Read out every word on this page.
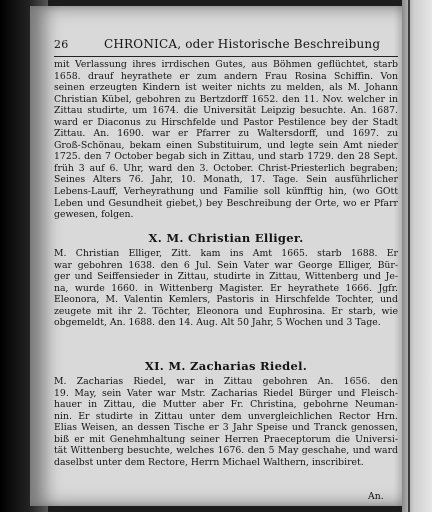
26	CHRONICA, oder Historische Beschreibung
mit Verlassung ihres irrdischen Gutes, aus Böhmen geflüchtet, starb
1658. drauf heyrathete er zum andern Frau Rosina Schiffin. Von
seinen erzeugten Kindern ist weiter nichts zu melden, als M. Johann
Christian Kübel, gebohren zu Bertzdorff 1652. den 11. Nov. welcher in
Zittau studirte, um 1674. die Universität Leipzig besuchte. An. 1687.
ward er Diaconus zu Hirschfelde und Pastor Pestilence bey der Stadt
Zittau. An. 1690. war er Pfarrer zu Waltersdorff, und 1697. zu
Groß-Schönau, bekam einen Substituirum, und legte sein Amt nieder
1725. den 7 October begab sich in Zittau, und starb 1729. den 28 Sept.
früh 3 auf 6. Uhr, ward den 3. October. Christ-Priesterlich begraben;
Seines Alters 76. Jahr, 10. Monath, 17. Tage. Sein ausführlicher
Lebens-Lauff, Verheyrathung und Familie soll künfftig hin, (wo GOtt
Leben und Gesundheit giebet,) bey Beschreibung der Orte, wo er Pfarr
gewesen, folgen.
X. M. Christian Elliger.
M. Christian Elliger, Zitt. kam ins Amt 1665. starb 1688. Er
war gebohren 1638. den 6 Jul. Sein Vater war George Elliger, Bür-
ger und Seiffensieder in Zittau, studirte in Zittau, Wittenberg und Je-
na, wurde 1660. in Wittenberg Magister. Er heyrathete 1666. Jgfr.
Eleonora, M. Valentin Kemlers, Pastoris in Hirschfelde Tochter, und
zeugete mit ihr 2. Töchter, Eleonora und Euphrosina. Er starb, wie
obgemeldt, An. 1688. den 14. Aug. Alt 50 Jahr, 5 Wochen und 3 Tage.
XI. M. Zacharias Riedel.
M. Zacharias Riedel, war in Zittau gebohren An. 1656. den
19. May, sein Vater war Mstr. Zacharias Riedel Bürger und Fleisch-
hauer in Zittau, die Mutter aber Fr. Christina, gebohrne Neuman-
nin. Er studirte in Zittau unter dem unvergleichlichen Rector Hrn.
Elias Weisen, an dessen Tische er 3 Jahr Speise und Tranck genossen,
biß er mit Genehmhaltung seiner Herren Praeceptorum die Universi-
tät Wittenberg besuchte, welches 1676. den 5 May geschahe, und ward
daselbst unter dem Rectore, Herrn Michael Walthern, inscribiret.
An.
